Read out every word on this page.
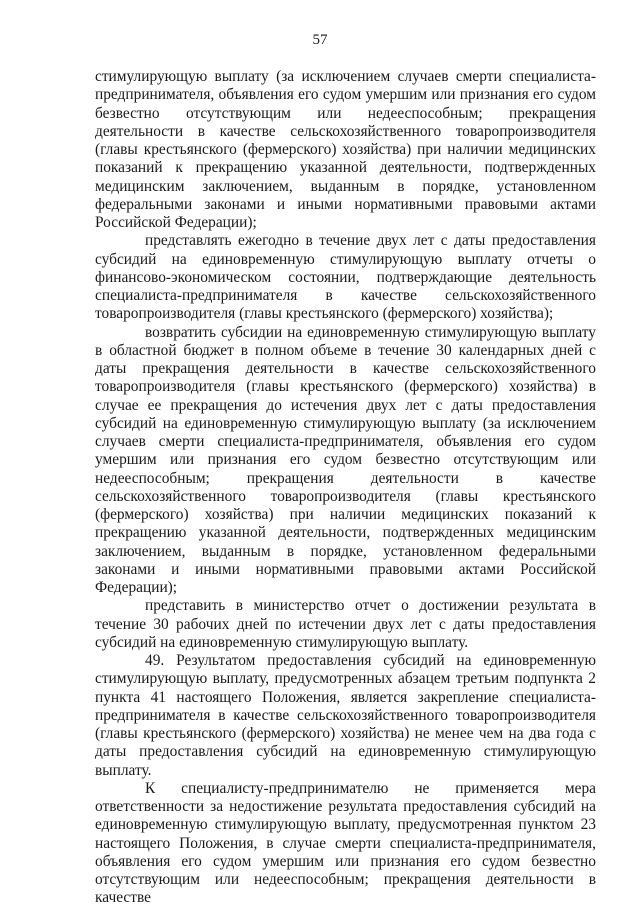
57

стимулирующую выплату (за исключением случаев смерти специалиста-предпринимателя, объявления его судом умершим или признания его судом безвестно отсутствующим или недееспособным; прекращения деятельности в качестве сельскохозяйственного товаропроизводителя (главы крестьянского (фермерского) хозяйства) при наличии медицинских показаний к прекращению указанной деятельности, подтвержденных медицинским заключением, выданным в порядке, установленном федеральными законами и иными нормативными правовыми актами Российской Федерации);

представлять ежегодно в течение двух лет с даты предоставления субсидий на единовременную стимулирующую выплату отчеты о финансово-экономическом состоянии, подтверждающие деятельность специалиста-предпринимателя в качестве сельскохозяйственного товаропроизводителя (главы крестьянского (фермерского) хозяйства);

возвратить субсидии на единовременную стимулирующую выплату в областной бюджет в полном объеме в течение 30 календарных дней с даты прекращения деятельности в качестве сельскохозяйственного товаропроизводителя (главы крестьянского (фермерского) хозяйства) в случае ее прекращения до истечения двух лет с даты предоставления субсидий на единовременную стимулирующую выплату (за исключением случаев смерти специалиста-предпринимателя, объявления его судом умершим или признания его судом безвестно отсутствующим или недееспособным; прекращения деятельности в качестве сельскохозяйственного товаропроизводителя (главы крестьянского (фермерского) хозяйства) при наличии медицинских показаний к прекращению указанной деятельности, подтвержденных медицинским заключением, выданным в порядке, установленном федеральными законами и иными нормативными правовыми актами Российской Федерации);

представить в министерство отчет о достижении результата в течение 30 рабочих дней по истечении двух лет с даты предоставления субсидий на единовременную стимулирующую выплату.

49. Результатом предоставления субсидий на единовременную стимулирующую выплату, предусмотренных абзацем третьим подпункта 2 пункта 41 настоящего Положения, является закрепление специалиста-предпринимателя в качестве сельскохозяйственного товаропроизводителя (главы крестьянского (фермерского) хозяйства) не менее чем на два года с даты предоставления субсидий на единовременную стимулирующую выплату.

К специалисту-предпринимателю не применяется мера ответственности за недостижение результата предоставления субсидий на единовременную стимулирующую выплату, предусмотренная пунктом 23 настоящего Положения, в случае смерти специалиста-предпринимателя, объявления его судом умершим или признания его судом безвестно отсутствующим или недееспособным; прекращения деятельности в качестве
